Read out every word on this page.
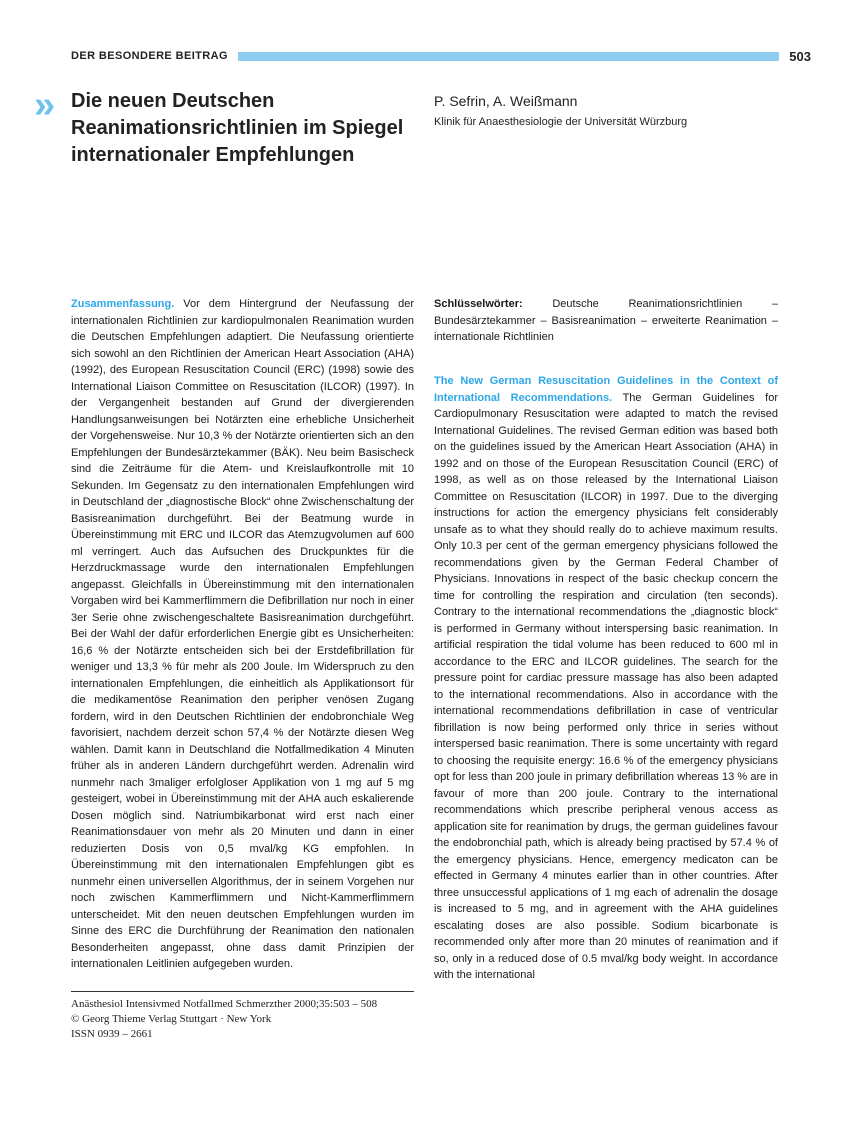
DER BESONDERE BEITRAG	503
» Die neuen Deutschen Reanimationsrichtlinien im Spiegel internationaler Empfehlungen
P. Sefrin, A. Weißmann
Klinik für Anaesthesiologie der Universität Würzburg
Zusammenfassung. Vor dem Hintergrund der Neufassung der internationalen Richtlinien zur kardiopulmonalen Reanimation wurden die Deutschen Empfehlungen adaptiert. Die Neufassung orientierte sich sowohl an den Richtlinien der American Heart Association (AHA) (1992), des European Resuscitation Council (ERC) (1998) sowie des International Liaison Committee on Resuscitation (ILCOR) (1997). In der Vergangenheit bestanden auf Grund der divergierenden Handlungsanweisungen bei Notärzten eine erhebliche Unsicherheit der Vorgehensweise. Nur 10,3 % der Notärzte orientierten sich an den Empfehlungen der Bundesärztekammer (BÄK). Neu beim Basischeck sind die Zeiträume für die Atem- und Kreislaufkontrolle mit 10 Sekunden. Im Gegensatz zu den internationalen Empfehlungen wird in Deutschland der „diagnostische Block“ ohne Zwischenschaltung der Basisreanimation durchgeführt. Bei der Beatmung wurde in Übereinstimmung mit ERC und ILCOR das Atemzugvolumen auf 600 ml verringert. Auch das Aufsuchen des Druckpunktes für die Herzdruckmassage wurde den internationalen Empfehlungen angepasst. Gleichfalls in Übereinstimmung mit den internationalen Vorgaben wird bei Kammerflimmern die Defibrillation nur noch in einer 3er Serie ohne zwischengeschaltete Basisreanimation durchgeführt. Bei der Wahl der dafür erforderlichen Energie gibt es Unsicherheiten: 16,6 % der Notärzte entscheiden sich bei der Erstdefibrillation für weniger und 13,3 % für mehr als 200 Joule. Im Widerspruch zu den internationalen Empfehlungen, die einheitlich als Applikationsort für die medikamentöse Reanimation den peripher venösen Zugang fordern, wird in den Deutschen Richtlinien der endobronchiale Weg favorisiert, nachdem derzeit schon 57,4 % der Notärzte diesen Weg wählen. Damit kann in Deutschland die Notfallmedikation 4 Minuten früher als in anderen Ländern durchgeführt werden. Adrenalin wird nunmehr nach 3maliger erfolgloser Applikation von 1 mg auf 5 mg gesteigert, wobei in Übereinstimmung mit der AHA auch eskalierende Dosen möglich sind. Natriumbikarbonat wird erst nach einer Reanimationsdauer von mehr als 20 Minuten und dann in einer reduzierten Dosis von 0,5 mval/kg KG empfohlen. In Übereinstimmung mit den internationalen Empfehlungen gibt es nunmehr einen universellen Algorithmus, der in seinem Vorgehen nur noch zwischen Kammerflimmern und Nicht-Kammerflimmern unterscheidet. Mit den neuen deutschen Empfehlungen wurden im Sinne des ERC die Durchführung der Reanimation den nationalen Besonderheiten angepasst, ohne dass damit Prinzipien der internationalen Leitlinien aufgegeben wurden.
Schlüsselwörter:	Deutsche Reanimationsrichtlinien – Bundesärztekammer – Basisreanimation – erweiterte Reanimation – internationale Richtlinien
The New German Resuscitation Guidelines in the Context of International Recommendations. The German Guidelines for Cardiopulmonary Resuscitation were adapted to match the revised International Guidelines. The revised German edition was based both on the guidelines issued by the American Heart Association (AHA) in 1992 and on those of the European Resuscitation Council (ERC) of 1998, as well as on those released by the International Liaison Committee on Resuscitation (ILCOR) in 1997. Due to the diverging instructions for action the emergency physicians felt considerably unsafe as to what they should really do to achieve maximum results. Only 10.3 per cent of the german emergency physicians followed the recommendations given by the German Federal Chamber of Physicians. Innovations in respect of the basic checkup concern the time for controlling the respiration and circulation (ten seconds). Contrary to the international recommendations the „diagnostic block“ is performed in Germany without interspersing basic reanimation. In artificial respiration the tidal volume has been reduced to 600 ml in accordance to the ERC and ILCOR guidelines. The search for the pressure point for cardiac pressure massage has also been adapted to the international recommendations. Also in accordance with the international recommendations defibrillation in case of ventricular fibrillation is now being performed only thrice in series without interspersed basic reanimation. There is some uncertainty with regard to choosing the requisite energy: 16.6 % of the emergency physicians opt for less than 200 joule in primary defibrillation whereas 13 % are in favour of more than 200 joule. Contrary to the international recommendations which prescribe peripheral venous access as application site for reanimation by drugs, the german guidelines favour the endobronchial path, which is already being practised by 57.4 % of the emergency physicians. Hence, emergency medicaton can be effected in Germany 4 minutes earlier than in other countries. After three unsuccessful applications of 1 mg each of adrenalin the dosage is increased to 5 mg, and in agreement with the AHA guidelines escalating doses are also possible. Sodium bicarbonate is recommended only after more than 20 minutes of reanimation and if so, only in a reduced dose of 0.5 mval/kg body weight. In accordance with the international
Anästhesiol Intensivmed Notfallmed Schmerzther 2000;35:503 – 508
© Georg Thieme Verlag Stuttgart · New York
ISSN 0939 – 2661
